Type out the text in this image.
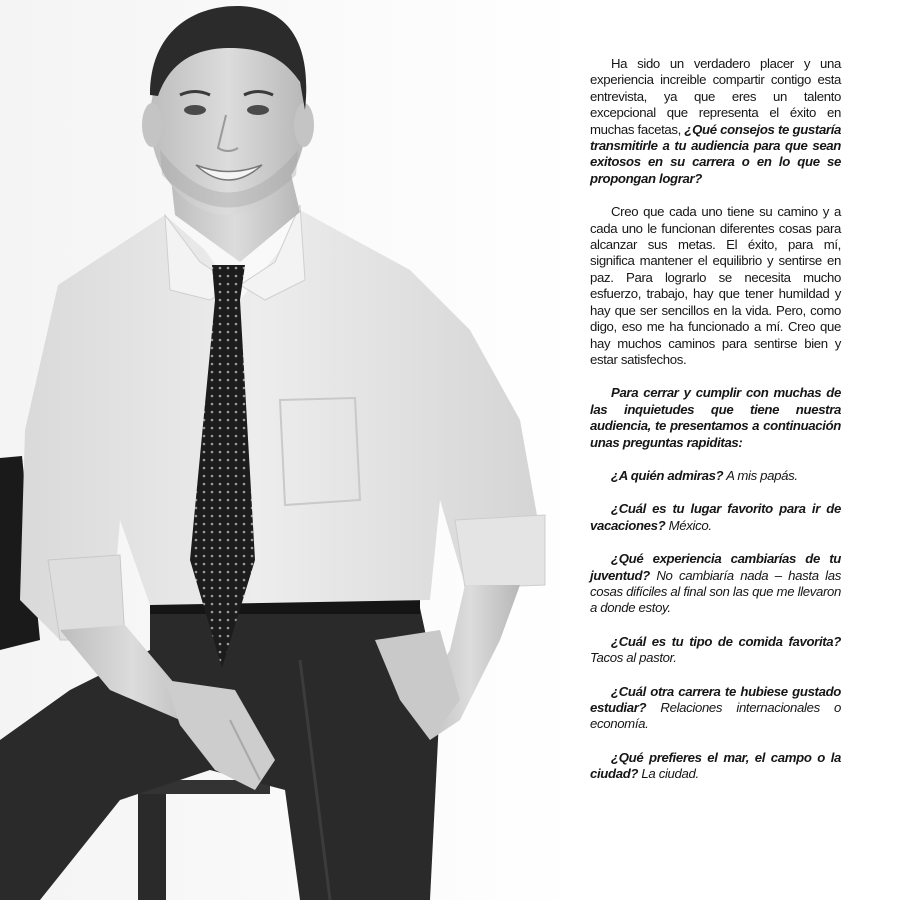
Ha sido un verdadero placer y una experiencia increible compartir contigo esta entrevista, ya que eres un talento excepcional que representa el éxito en muchas facetas, ¿Qué consejos te gustaría transmitirle a tu audiencia para que sean exitosos en su carrera o en lo que se propongan lograr?

Creo que cada uno tiene su camino y a cada uno le funcionan diferentes cosas para alcanzar sus metas. El éxito, para mí, significa mantener el equilibrio y sentirse en paz. Para lograrlo se necesita mucho esfuerzo, trabajo, hay que tener humildad y hay que ser sencillos en la vida. Pero, como digo, eso me ha funcionado a mí. Creo que hay muchos caminos para sentirse bien y estar satisfechos.

Para cerrar y cumplir con muchas de las inquietudes que tiene nuestra audiencia, te presentamos a continuación unas preguntas rapiditas:

¿A quién admiras? A mis papás.

¿Cuál es tu lugar favorito para ir de vacaciones? México.

¿Qué experiencia cambiarías de tu juventud? No cambiaría nada – hasta las cosas difíciles al final son las que me llevaron a donde estoy.

¿Cuál es tu tipo de comida favorita? Tacos al pastor.

¿Cuál otra carrera te hubiese gustado estudiar? Relaciones internacionales o economía.

¿Qué prefieres el mar, el campo o la ciudad? La ciudad.
